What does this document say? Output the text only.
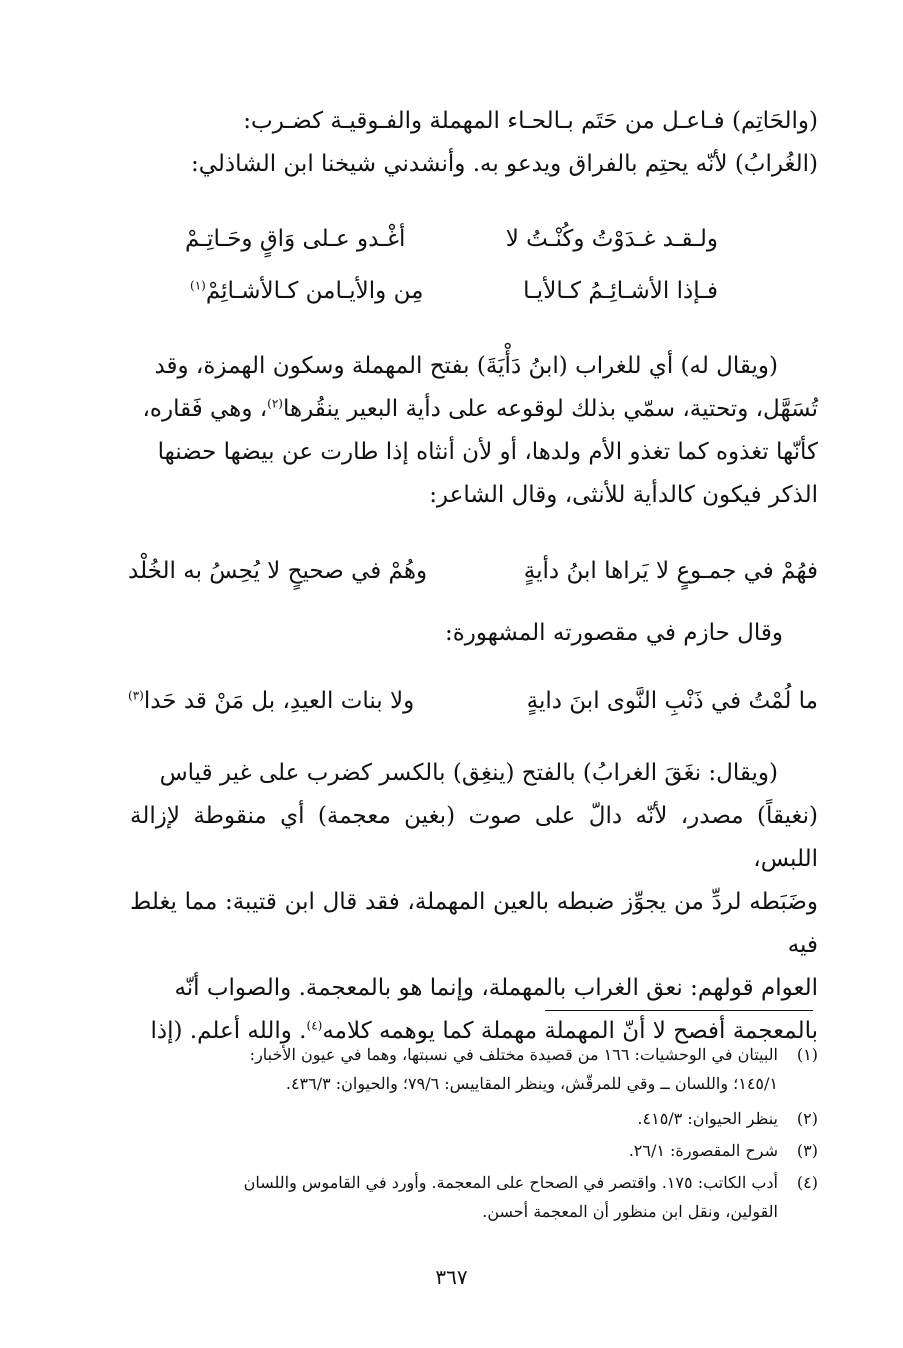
(والحَاتِم) فـاعـل من حَتَم بـالحـاء المهملة والفـوقيـة كضـرب:

(الغُرابُ) لأنّه يحتِم بالفراق ويدعو به. وأنشدني شيخنا ابن الشاذلي:

ولـقـد غـدَوْتُ وكُنْـتُ لا
أغْـدو عـلى وَاقٍ وحَـاتِـمْ
فـإذا الأشـائِـمُ كـالأيـا
مِن والأيـامن كـالأشـائِمْ$^{(١)}$

(ويقال له) أي للغراب (ابنُ دَأْيَةَ) بفتح المهملة وسكون الهمزة، وقد

تُسَهَّل، وتحتية، سمّي بذلك لوقوعه على دأية البعير ينقُرها$^{(٢)}$، وهي فَقاره،

كأنّها تغذوه كما تغذو الأم ولدها، أو لأن أنثاه إذا طارت عن بيضها حضنها

الذكر فيكون كالدأية للأنثى، وقال الشاعر:

فهُمْ في جمـوعٍ لا يَراها ابنُ دأيةٍ
وهُمْ في صحيحٍ لا يُحِسُ به الخُلْد
وقال حازم في مقصورته المشهورة:
ما لُمْتُ في ذَنْبِ النَّوى ابنَ دايةٍ
ولا بنات العيدِ، بل مَنْ قد حَدا$^{(٣)}$

(ويقال: نغَقَ الغرابُ) بالفتح (ينغِق) بالكسر كضرب على غير قياس

(نغيقاً) مصدر، لأنّه دالّ على صوت (بغين معجمة) أي منقوطة لإزالة اللبس،

وضَبَطه لردِّ من يجوِّز ضبطه بالعين المهملة، فقد قال ابن قتيبة: مما يغلط فيه

العوام قولهم: نعق الغراب بالمهملة، وإنما هو بالمعجمة. والصواب أنّه

بالمعجمة أفصح لا أنّ المهملة مهملة كما يوهمه كلامه$^{(٤)}$. والله أعلم. (إذا

(١)
البيتان في الوحشيات: ١٦٦ من قصيدة مختلف في نسبتها، وهما في عيون الأخبار:
١٤٥/١؛ واللسان ــ وقي للمرقّش، وينظر المقاييس: ٧٩/٦؛ والحيوان: ٤٣٦/٣.
(٢)
ينظر الحيوان: ٤١٥/٣.
(٣)
شرح المقصورة: ٢٦/١.
(٤)
أدب الكاتب: ١٧٥. واقتصر في الصحاح على المعجمة. وأورد في القاموس واللسان
القولين، ونقل ابن منظور أن المعجمة أحسن.
٣٦٧
